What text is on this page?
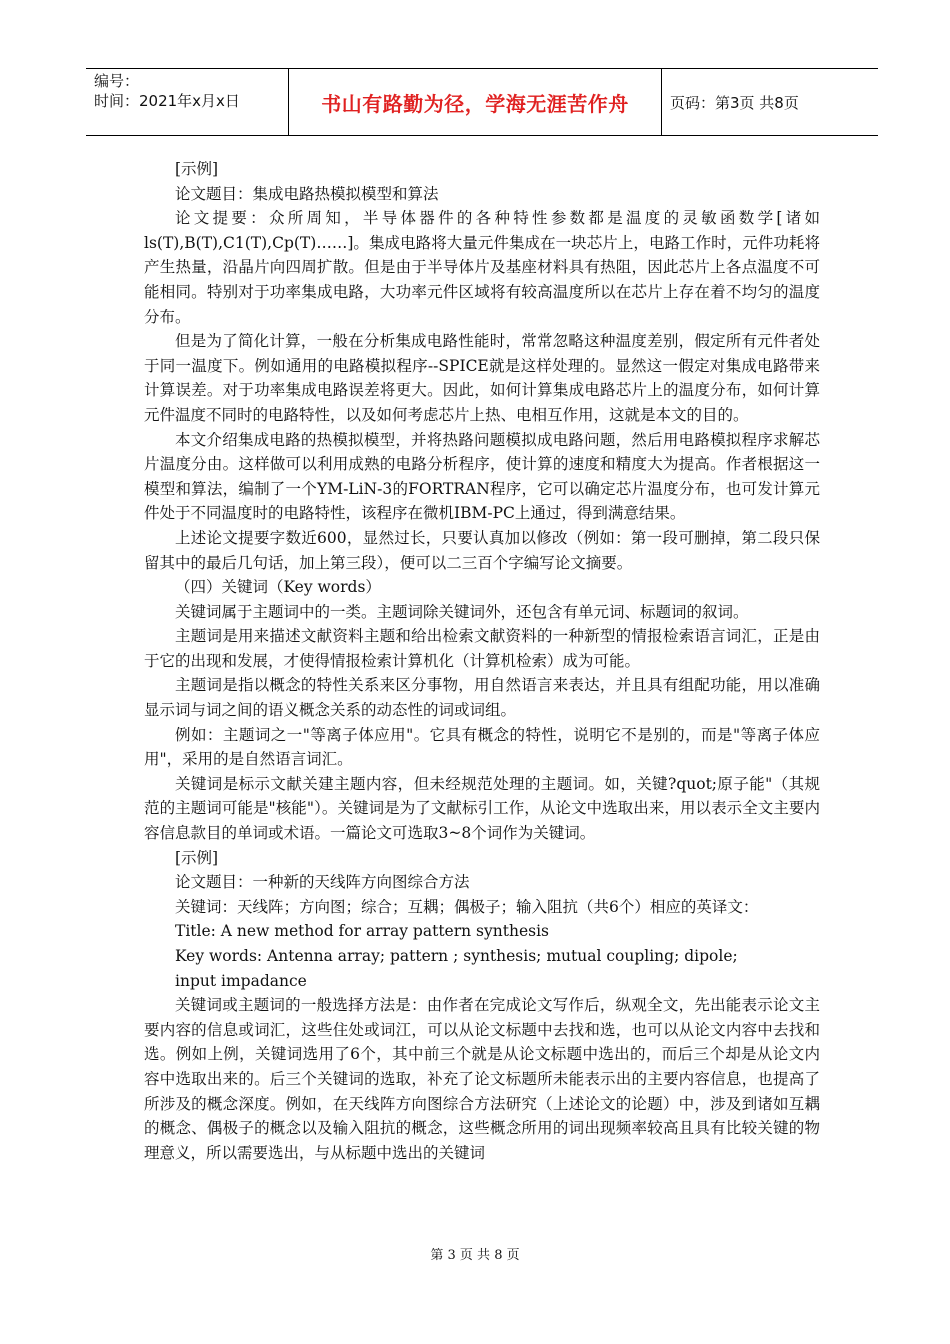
编号：
时间：2021年x月x日	书山有路勤为径，学海无涯苦作舟	页码：第3页 共8页

[示例]

论文题目：集成电路热模拟模型和算法

论文提要：众所周知，半导体器件的各种特性参数都是温度的灵敏函数学[诸如ls(T),B(T),C1(T),Cp(T)……]。集成电路将大量元件集成在一块芯片上，电路工作时，元件功耗将产生热量，沿晶片向四周扩散。但是由于半导体片及基座材料具有热阻，因此芯片上各点温度不可能相同。特别对于功率集成电路，大功率元件区域将有较高温度所以在芯片上存在着不均匀的温度分布。

但是为了简化计算，一般在分析集成电路性能时，常常忽略这种温度差别，假定所有元件者处于同一温度下。例如通用的电路模拟程序--SPICE就是这样处理的。显然这一假定对集成电路带来计算误差。对于功率集成电路误差将更大。因此，如何计算集成电路芯片上的温度分布，如何计算元件温度不同时的电路特性，以及如何考虑芯片上热、电相互作用，这就是本文的目的。

本文介绍集成电路的热模拟模型，并将热路问题模拟成电路问题，然后用电路模拟程序求解芯片温度分由。这样做可以利用成熟的电路分析程序，使计算的速度和精度大为提高。作者根据这一模型和算法，编制了一个YM-LiN-3的FORTRAN程序，它可以确定芯片温度分布，也可发计算元件处于不同温度时的电路特性，该程序在微机IBM-PC上通过，得到满意结果。

上述论文提要字数近600，显然过长，只要认真加以修改（例如：第一段可删掉，第二段只保留其中的最后几句话，加上第三段），便可以二三百个字编写论文摘要。

（四）关键词（Key words）

关键词属于主题词中的一类。主题词除关键词外，还包含有单元词、标题词的叙词。

主题词是用来描述文献资料主题和给出检索文献资料的一种新型的情报检索语言词汇，正是由于它的出现和发展，才使得情报检索计算机化（计算机检索）成为可能。

主题词是指以概念的特性关系来区分事物，用自然语言来表达，并且具有组配功能，用以准确显示词与词之间的语义概念关系的动态性的词或词组。

例如：主题词之一"等离子体应用"。它具有概念的特性，说明它不是别的，而是"等离子体应用"，采用的是自然语言词汇。

关键词是标示文献关建主题内容，但未经规范处理的主题词。如，关键?quot;原子能"（其规范的主题词可能是"核能"）。关键词是为了文献标引工作，从论文中选取出来，用以表示全文主要内容信息款目的单词或术语。一篇论文可选取3~8个词作为关键词。

[示例]

论文题目：一种新的天线阵方向图综合方法

关键词：天线阵；方向图；综合；互耦；偶极子；输入阻抗（共6个）相应的英译文：

Title: A new method for array pattern synthesis

Key words: Antenna array; pattern ; synthesis; mutual coupling; dipole;

input impadance

关键词或主题词的一般选择方法是：由作者在完成论文写作后，纵观全文，先出能表示论文主要内容的信息或词汇，这些住处或词江，可以从论文标题中去找和选，也可以从论文内容中去找和选。例如上例，关键词选用了6个，其中前三个就是从论文标题中选出的，而后三个却是从论文内容中选取出来的。后三个关键词的选取，补充了论文标题所未能表示出的主要内容信息，也提高了所涉及的概念深度。例如，在天线阵方向图综合方法研究（上述论文的论题）中，涉及到诸如互耦的概念、偶极子的概念以及输入阻抗的概念，这些概念所用的词出现频率较高且具有比较关键的物理意义，所以需要选出，与从标题中选出的关键词

第 3 页 共 8 页
